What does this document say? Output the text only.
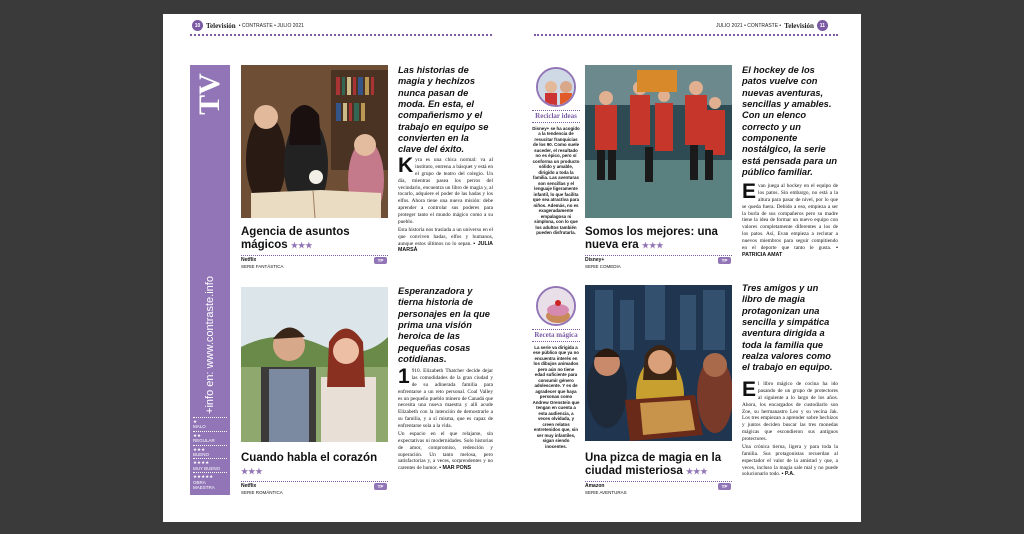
10 Televisión • CONTRASTE • JULIO 2021	JULIO 2021 • CONTRASTE • Televisión	11
TV
+info en: www.contraste.info
★
MALO
★★
REGULAR
★★★
BUENO
★★★★
MUY BUENO
★★★★★
OBRA MAESTRA
Agencia de asuntos mágicos ★★★
Netflix
SERIE FANTÁSTICA
TP
Las historias de magia y hechizos nunca pasan de moda. En esta, el compañerismo y el trabajo en equipo se convierten en la clave del éxito.

Kyra es una chica normal: va al instituto, entrena a básquet y está en el grupo de teatro del colegio. Un día, mientras pasea los perros del vecindario, encuentra un libro de magia y, al tocarlo, adquiere el poder de las hadas y los elfos. Ahora tiene una nueva misión: debe aprender a controlar sus poderes para proteger tanto el mundo mágico como a su pueblo.

Esta historia nos traslada a un universo en el que conviven hadas, elfos y humanos, aunque estos últimos no lo sepan. ▪ JULIA MARSÀ

Cuando habla el corazón
★★★
Netflix
SERIE ROMÁNTICA
TP
Esperanzadora y tierna historia de personajes en la que prima una visión heroica de las pequeñas cosas cotidianas.

1 910. Elizabeth Thatcher decide dejar las comodidades de la gran ciudad y de su adinerada familia para enfrentarse a un reto personal. Coal Valley es un pequeño pueblo minero de Canadá que necesita una nueva maestra y allí acude Elizabeth con la intención de demostrarle a su familia, y a sí misma, que es capaz de enfrentarse sola a la vida.

Un espacio en el que relajarse, sin expectativas ni modernidades. Solo historias de amor, compromiso, redención y superación. Un tanto melosa, pero satisfactorias y, a veces, sorprendentes y no carentes de humor. ▪ MAR PONS

Reciclar ideas
Disney+ se ha acogido a la tendencia de resucitar franquicias de los 90. Como suele suceder, el resultado no es épico, pero sí conforma un producto sólido y amable, dirigido a toda la familia. Las aventuras son sencillas y el lenguaje ligeramente infantil, lo que facilita que sea atractiva para niños. Además, no es exageradamente empalagosa ni simplona, con lo que los adultos también pueden disfrutarla. Somos los mejores: una nueva era ★★★
Disney+
SERIE COMEDIA
TP
El hockey de los patos vuelve con nuevas aventuras, sencillas y amables. Con un elenco correcto y un componente nostálgico, la serie está pensada para un público familiar.

Evan juega al hockey en el equipo de los patos. Sin embargo, no está a la altura para pasar de nivel, por lo que se queda fuera. Debido a eso, empieza a ser la burla de sus compañeros pero su madre tiene la idea de formar un nuevo equipo con valores completamente diferentes a los de los patos. Así, Evan empieza a reclutar a nuevos miembros para seguir compitiendo en el deporte que tanto le gusta. ▪ PATRICIA AMAT

Receta mágica
La serie va dirigida a ese público que ya no encuentra interés en los dibujos animados pero aún no tiene edad suficiente para consumir género adolescente. Y es de agradecer que haya personas como Andrew Orenstein que tengan en cuenta a esta audiencia, a veces olvidada, y creen relatos entretenidos que, sin ser muy infantiles, sigan siendo inocentes.
Una pizca de magia en la ciudad misteriosa ★★★
Amazon
SERIE AVENTURAS
TP
Tres amigos y un libro de magia protagonizan una sencilla y simpática aventura dirigida a toda la familia que realza valores como el trabajo en equipo.

El libro mágico de cocina ha ido pasando de un grupo de protectores al siguiente a lo largo de los años. Ahora, los encargados de custodiarlo son Zoe, su hermanastro Leo y su vecina Jak. Los tres empiezan a aprender sobre hechizos y juntos deciden buscar las tres monedas mágicas que escondieron sus antiguos protectores.

Una crónica tierna, ligera y para toda la familia. Sus protagonistas recuerdan al espectador el valor de la amistad y que, a veces, incluso la magia sale mal y no puede solucionarlo todo. ▪ P.A.
